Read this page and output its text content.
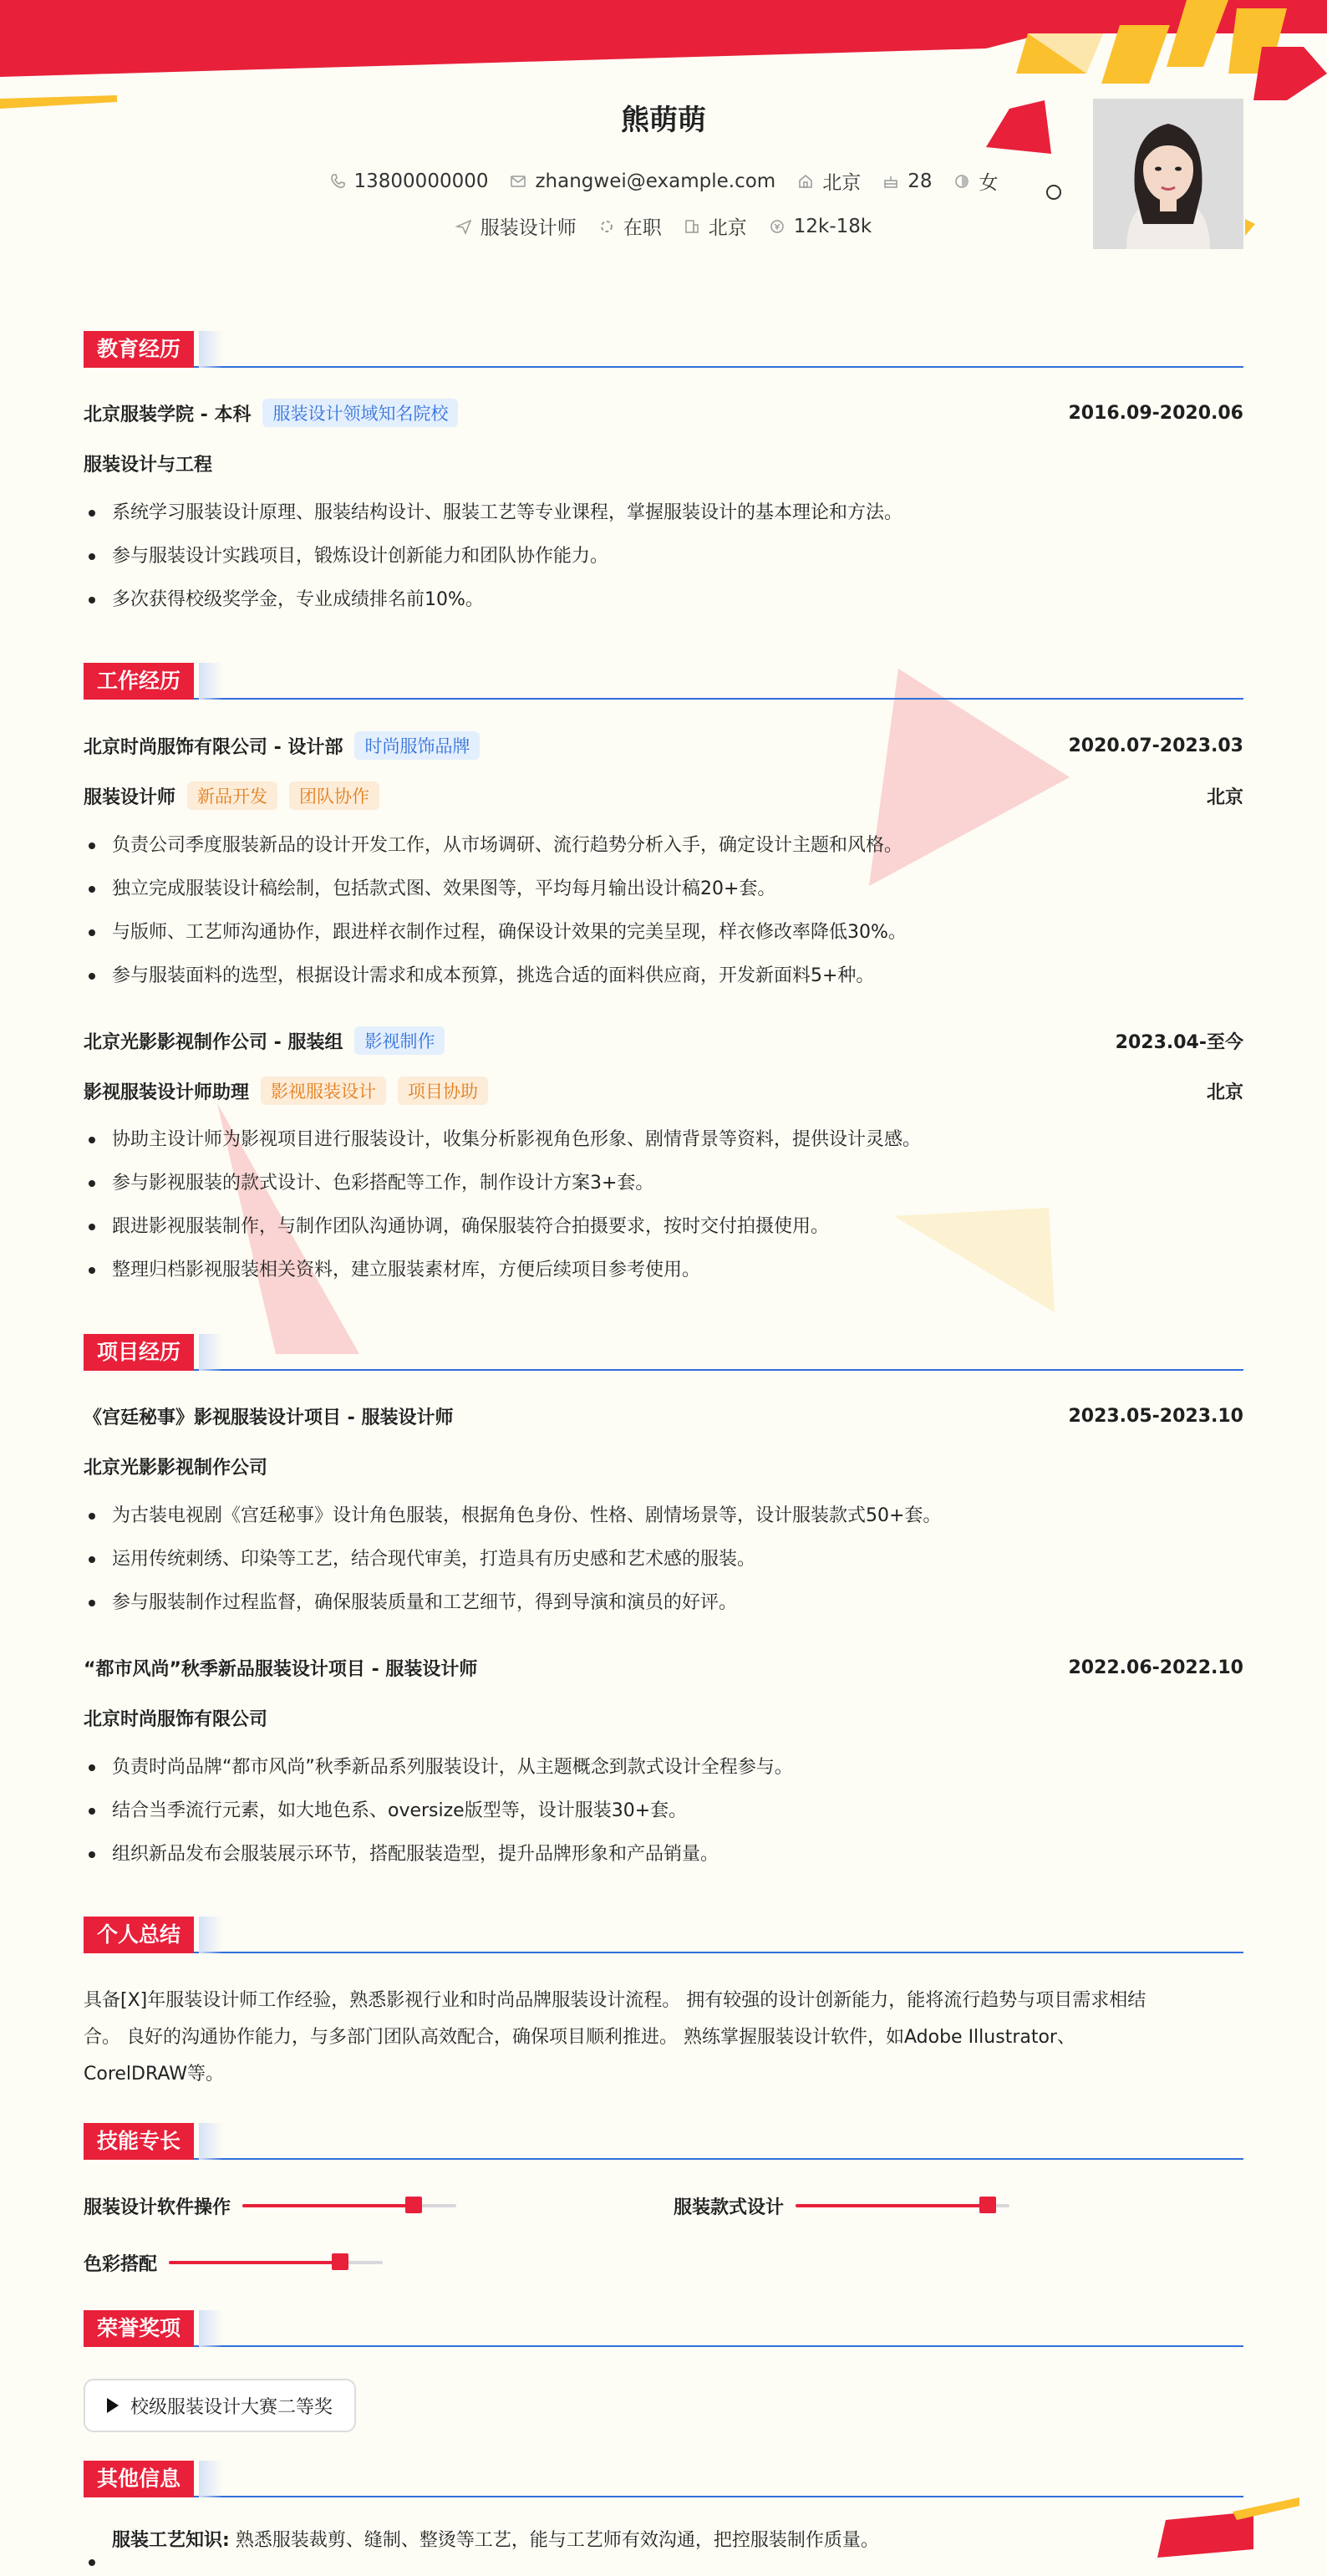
熊萌萌
13800000000 zhangwei@example.com 北京 28 女
服装设计师 在职 北京 12k-18k
教育经历
北京服装学院 - 本科	服装设计领域知名院校	2016.09-2020.06
服装设计与工程
系统学习服装设计原理、服装结构设计、服装工艺等专业课程，掌握服装设计的基本理论和方法。
参与服装设计实践项目，锻炼设计创新能力和团队协作能力。
多次获得校级奖学金，专业成绩排名前10%。
工作经历
北京时尚服饰有限公司 - 设计部	时尚服饰品牌	2020.07-2023.03
服装设计师	新品开发	团队协作	北京
负责公司季度服装新品的设计开发工作，从市场调研、流行趋势分析入手，确定设计主题和风格。
独立完成服装设计稿绘制，包括款式图、效果图等，平均每月输出设计稿20+套。
与版师、工艺师沟通协作，跟进样衣制作过程，确保设计效果的完美呈现，样衣修改率降低30%。
参与服装面料的选型，根据设计需求和成本预算，挑选合适的面料供应商，开发新面料5+种。
北京光影影视制作公司 - 服装组	影视制作	2023.04-至今
影视服装设计师助理	影视服装设计	项目协助	北京
协助主设计师为影视项目进行服装设计，收集分析影视角色形象、剧情背景等资料，提供设计灵感。
参与影视服装的款式设计、色彩搭配等工作，制作设计方案3+套。
跟进影视服装制作，与制作团队沟通协调，确保服装符合拍摄要求，按时交付拍摄使用。
整理归档影视服装相关资料，建立服装素材库，方便后续项目参考使用。
项目经历
《宫廷秘事》影视服装设计项目 - 服装设计师	2023.05-2023.10
北京光影影视制作公司
为古装电视剧《宫廷秘事》设计角色服装，根据角色身份、性格、剧情场景等，设计服装款式50+套。
运用传统刺绣、印染等工艺，结合现代审美，打造具有历史感和艺术感的服装。
参与服装制作过程监督，确保服装质量和工艺细节，得到导演和演员的好评。
“都市风尚”秋季新品服装设计项目 - 服装设计师	2022.06-2022.10
北京时尚服饰有限公司
负责时尚品牌“都市风尚”秋季新品系列服装设计，从主题概念到款式设计全程参与。
结合当季流行元素，如大地色系、oversize版型等，设计服装30+套。
组织新品发布会服装展示环节，搭配服装造型，提升品牌形象和产品销量。
个人总结
具备[X]年服装设计师工作经验，熟悉影视行业和时尚品牌服装设计流程。 拥有较强的设计创新能力，能将流行趋势与项目需求相结
合。 良好的沟通协作能力，与多部门团队高效配合，确保项目顺利推进。 熟练掌握服装设计软件，如Adobe Illustrator、
CorelDRAW等。
技能专长
服装设计软件操作	服装款式设计
色彩搭配
荣誉奖项
校级服装设计大赛二等奖
其他信息
服装工艺知识: 熟悉服装裁剪、缝制、整烫等工艺，能与工艺师有效沟通，把控服装制作质量。
